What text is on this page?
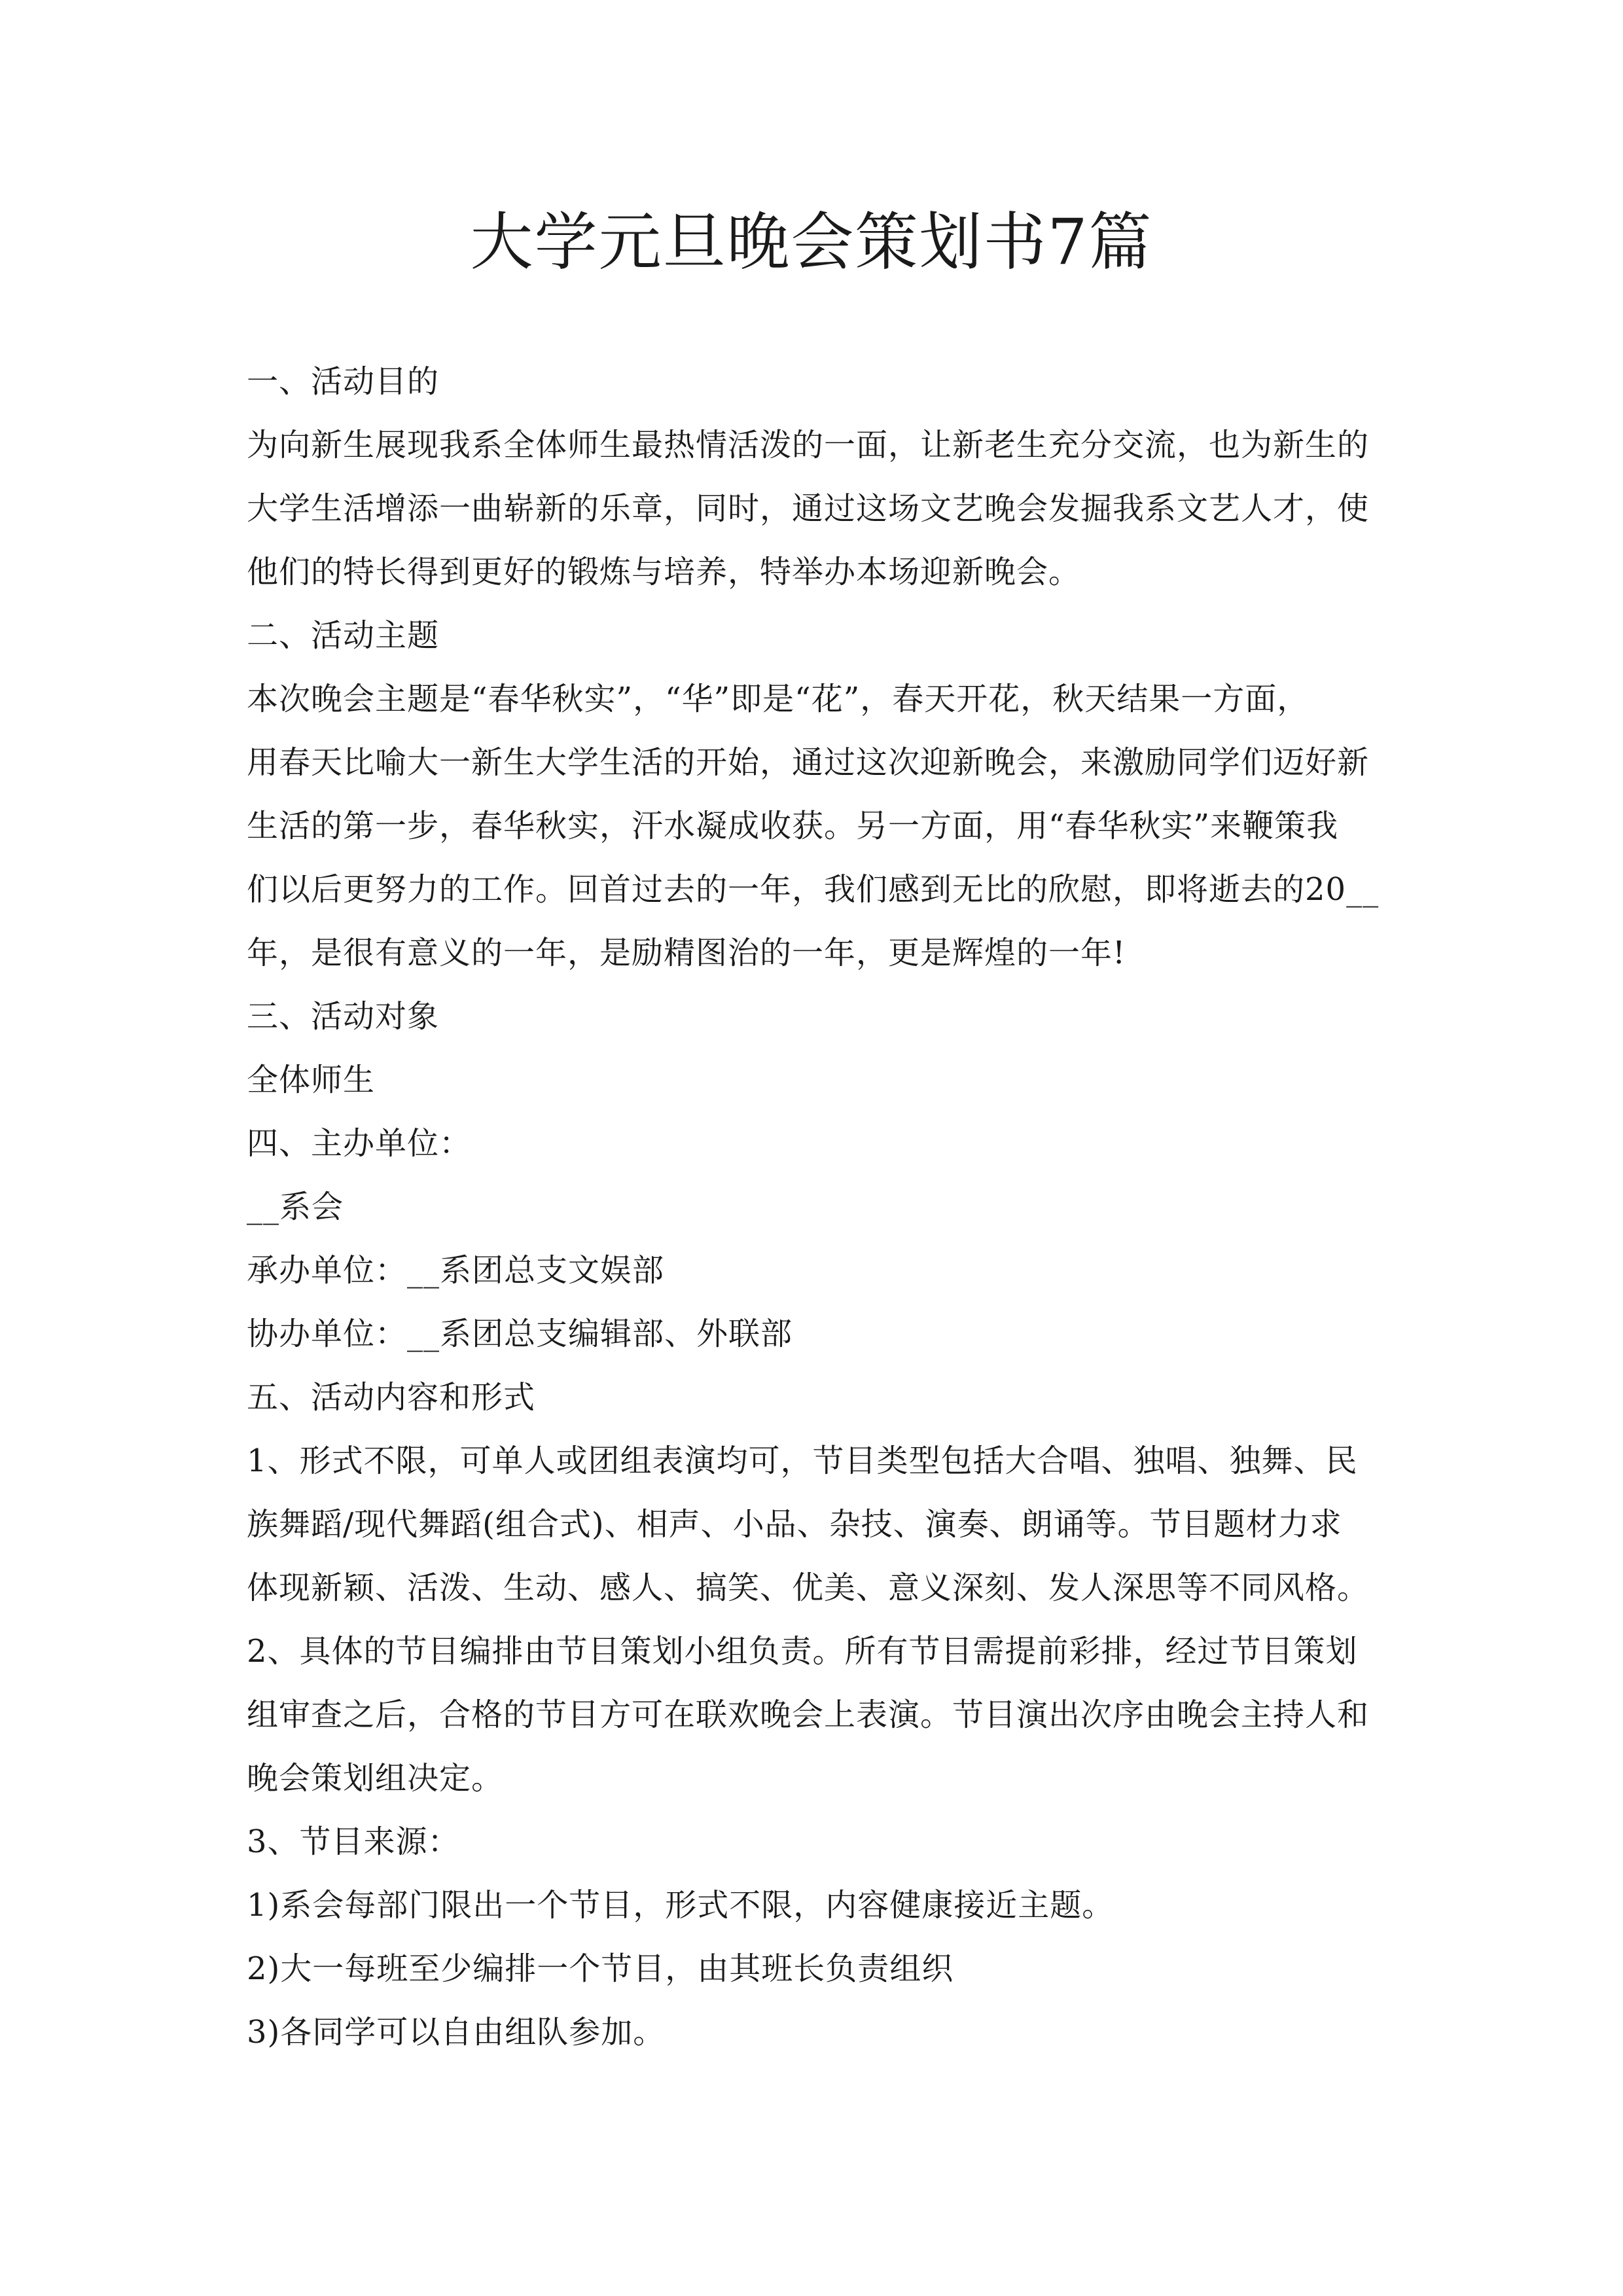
大学元旦晚会策划书7篇
一、活动目的
为向新生展现我系全体师生最热情活泼的一面，让新老生充分交流，也为新生的
大学生活增添一曲崭新的乐章，同时，通过这场文艺晚会发掘我系文艺人才，使
他们的特长得到更好的锻炼与培养，特举办本场迎新晚会。
二、活动主题
本次晚会主题是“春华秋实”，“华”即是“花”，春天开花，秋天结果一方面，
用春天比喻大一新生大学生活的开始，通过这次迎新晚会，来激励同学们迈好新
生活的第一步，春华秋实，汗水凝成收获。另一方面，用“春华秋实”来鞭策我
们以后更努力的工作。回首过去的一年，我们感到无比的欣慰，即将逝去的20__
年，是很有意义的一年，是励精图治的一年，更是辉煌的一年!
三、活动对象
全体师生
四、主办单位：
__系会
承办单位：__系团总支文娱部
协办单位：__系团总支编辑部、外联部
五、活动内容和形式
1、形式不限，可单人或团组表演均可，节目类型包括大合唱、独唱、独舞、民
族舞蹈/现代舞蹈(组合式)、相声、小品、杂技、演奏、朗诵等。节目题材力求
体现新颖、活泼、生动、感人、搞笑、优美、意义深刻、发人深思等不同风格。
2、具体的节目编排由节目策划小组负责。所有节目需提前彩排，经过节目策划
组审查之后，合格的节目方可在联欢晚会上表演。节目演出次序由晚会主持人和
晚会策划组决定。
3、节目来源：
1)系会每部门限出一个节目，形式不限，内容健康接近主题。
2)大一每班至少编排一个节目，由其班长负责组织
3)各同学可以自由组队参加。
